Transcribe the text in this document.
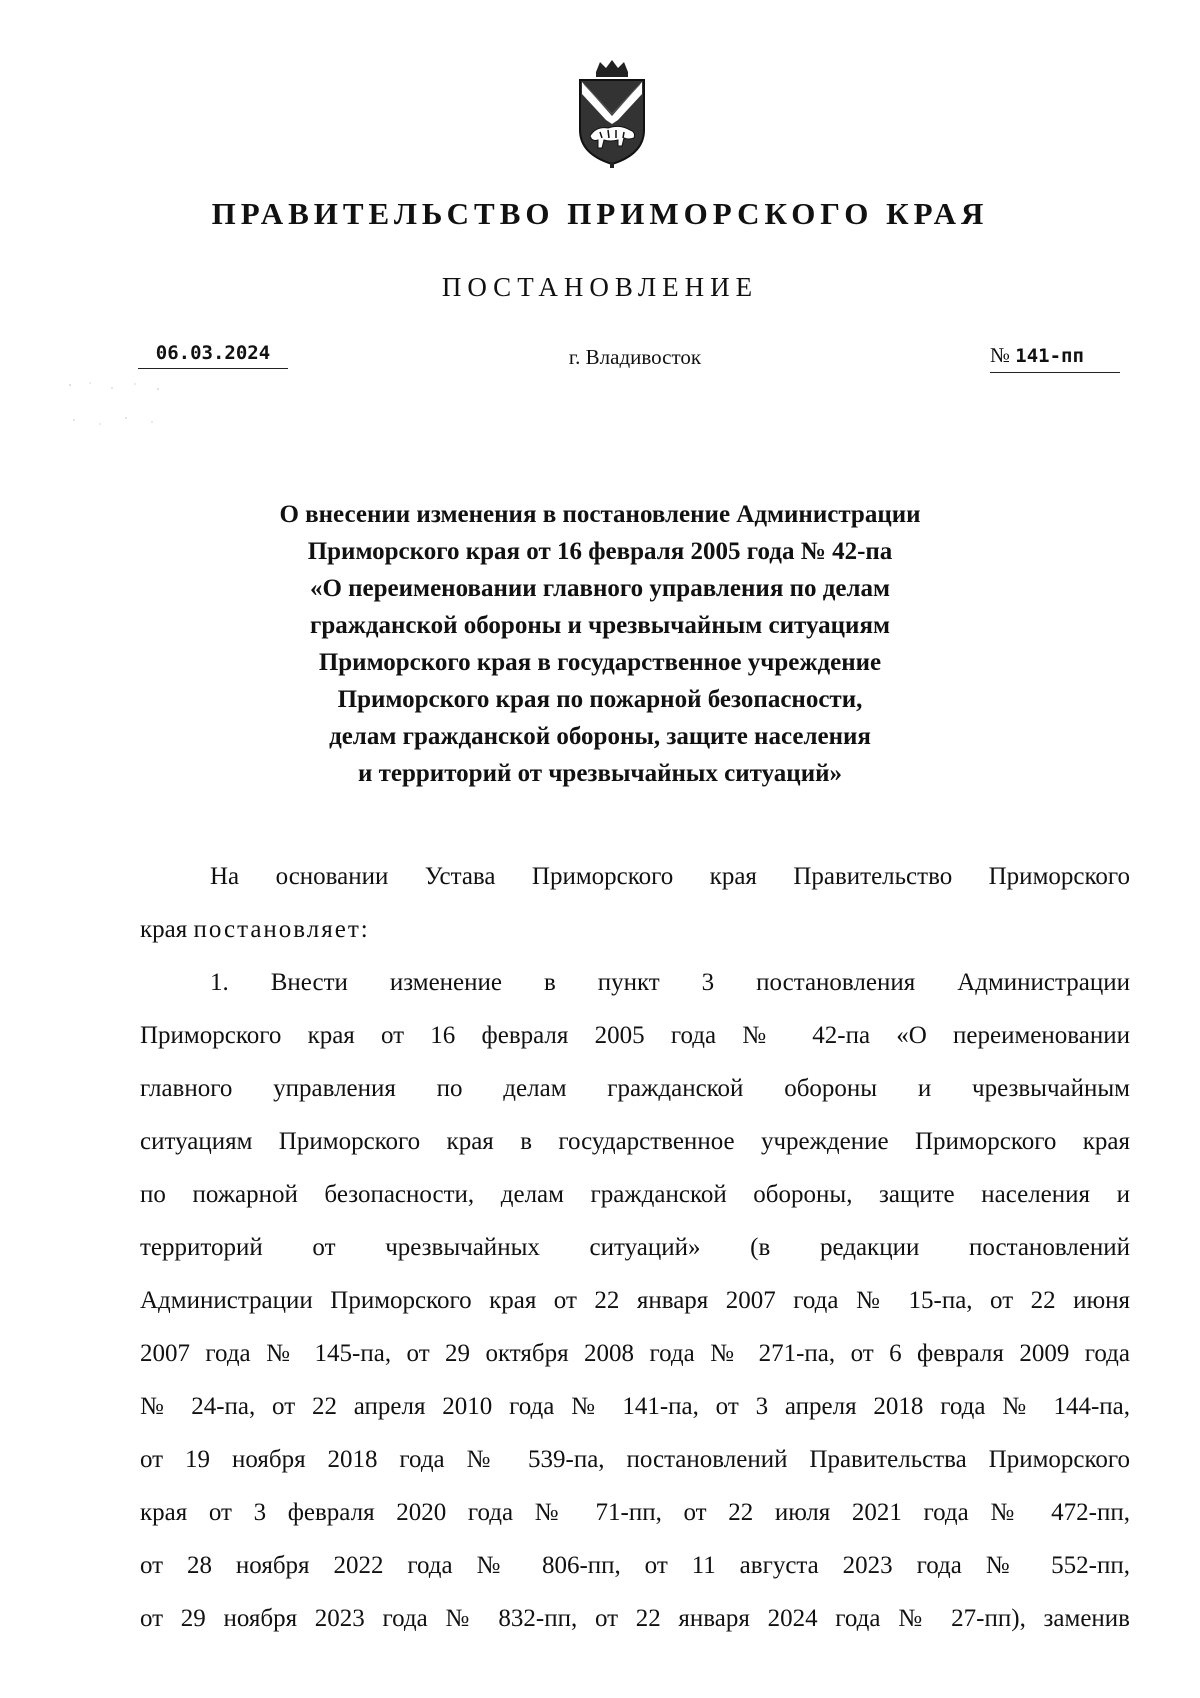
ПРАВИТЕЛЬСТВО ПРИМОРСКОГО КРАЯ
ПОСТАНОВЛЕНИЕ
06.03.2024	г. Владивосток	№ 141-пп
О внесении изменения в постановление Администрации
Приморского края от 16 февраля 2005 года № 42-па
«О переименовании главного управления по делам
гражданской обороны и чрезвычайным ситуациям
Приморского края в государственное учреждение
Приморского края по пожарной безопасности,
делам гражданской обороны, защите населения
и территорий от чрезвычайных ситуаций»
На основании Устава Приморского края Правительство Приморского
края постановляет:
1. Внести изменение в пункт 3 постановления Администрации
Приморского края от 16 февраля 2005 года № 42-па «О переименовании
главного управления по делам гражданской обороны и чрезвычайным
ситуациям Приморского края в государственное учреждение Приморского края
по пожарной безопасности, делам гражданской обороны, защите населения и
территорий от чрезвычайных ситуаций» (в редакции постановлений
Администрации Приморского края от 22 января 2007 года № 15-па, от 22 июня
2007 года № 145-па, от 29 октября 2008 года № 271-па, от 6 февраля 2009 года
№ 24-па, от 22 апреля 2010 года № 141-па, от 3 апреля 2018 года № 144-па,
от 19 ноября 2018 года № 539-па, постановлений Правительства Приморского
края от 3 февраля 2020 года № 71-пп, от 22 июля 2021 года № 472-пп,
от 28 ноября 2022 года № 806-пп, от 11 августа 2023 года № 552-пп,
от 29 ноября 2023 года № 832-пп, от 22 января 2024 года № 27-пп), заменив
